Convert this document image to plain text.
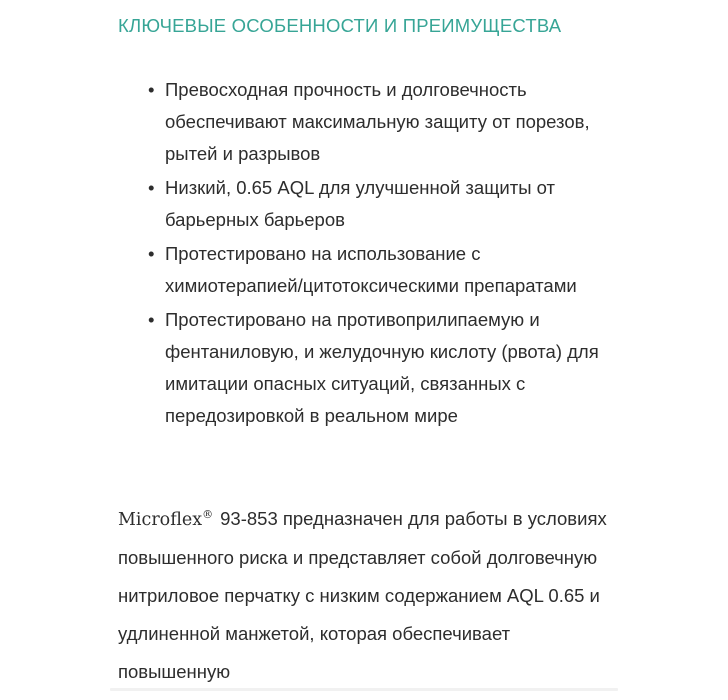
КЛЮЧЕВЫЕ ОСОБЕННОСТИ И ПРЕИМУЩЕСТВА
• Превосходная прочность и долговечность обеспечивают максимальную защиту от порезов, рытей и разрывов
• Низкий, 0.65 AQL для улучшенной защиты от барьерных барьеров
• Протестировано на использование с химиотерапией/цитотоксическими препаратами
• Протестировано на противоприлипаемую и фентаниловую, и желудочную кислоту (рвота) для имитации опасных ситуаций, связанных с передозировкой в реальном мире

Microflex® 93-853 предназначен для работы в условиях повышенного риска и представляет собой долговечную нитриловое перчатку с низким содержанием AQL 0.65 и удлиненной манжетой, которая обеспечивает повышенную
